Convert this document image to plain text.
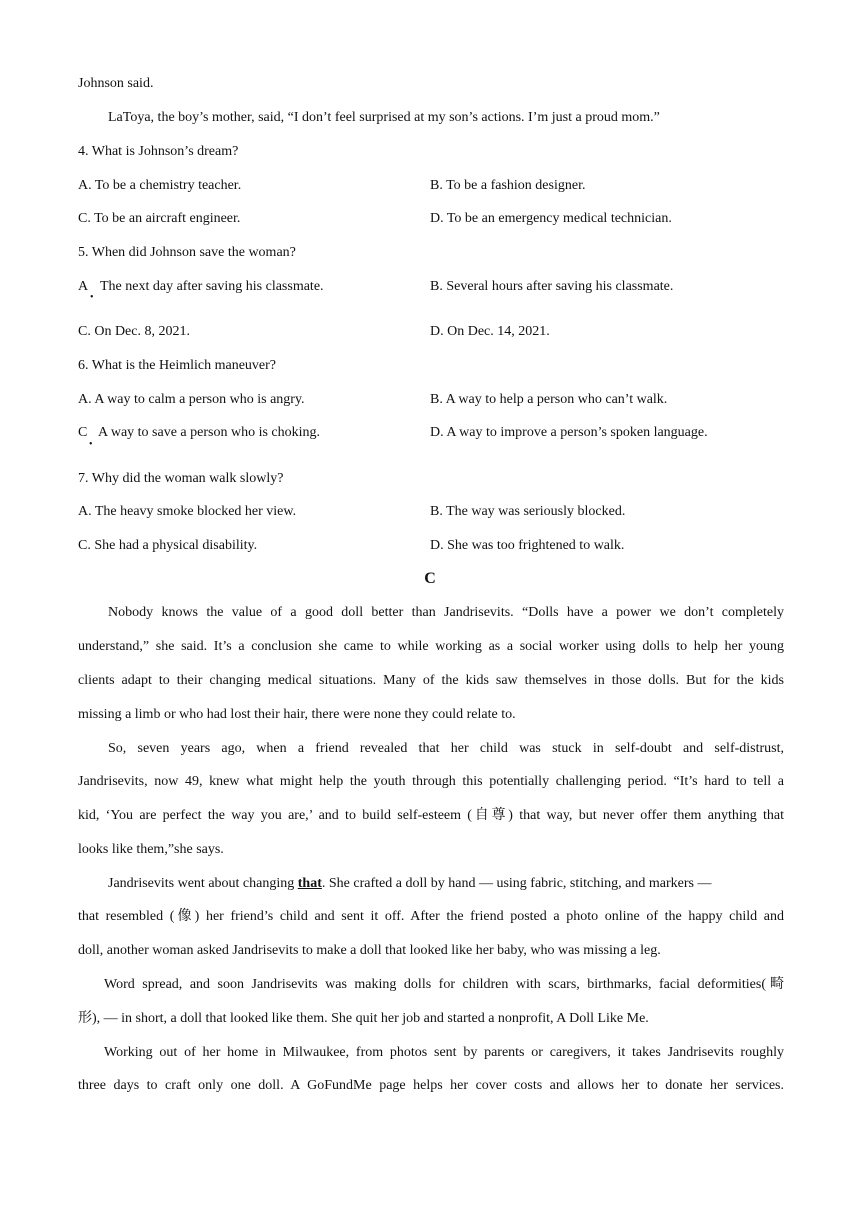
Johnson said.
LaToya, the boy’s mother, said, “I don’t feel surprised at my son’s actions. I’m just a proud mom.”
4. What is Johnson’s dream?
A. To be a chemistry teacher.	B. To be a fashion designer.
C. To be an aircraft engineer.	D. To be an emergency medical technician.
5. When did Johnson save the woman?
A
•
The next day after saving his classmate.	B. Several hours after saving his classmate.
C. On Dec. 8, 2021.	D. On Dec. 14, 2021.
6. What is the Heimlich maneuver?
A. A way to calm a person who is angry.	B. A way to help a person who can’t walk.
C
•
A way to save a person who is choking.	D. A way to improve a person’s spoken language.
7. Why did the woman walk slowly?
A. The heavy smoke blocked her view.	B. The way was seriously blocked.
C. She had a physical disability.	D. She was too frightened to walk.
C
Nobody knows the value of a good doll better than Jandrisevits. “Dolls have a power we don’t completely
understand,” she said. It’s a conclusion she came to while working as a social worker using dolls to help her young
clients adapt to their changing medical situations. Many of the kids saw themselves in those dolls. But for the kids
missing a limb or who had lost their hair, there were none they could relate to.
So, seven years ago, when a friend revealed that her child was stuck in self-doubt and self-distrust,
Jandrisevits, now 49, knew what might help the youth through this potentially challenging period. “It’s hard to tell a
kid, ‘You are perfect the way you are,’ and to build self-esteem (自尊) that way, but never offer them anything that
looks like them,”she says.
Jandrisevits went about changing that. She crafted a doll by hand — using fabric, stitching, and markers —
that resembled (像) her friend’s child and sent it off. After the friend posted a photo online of the happy child and
doll, another woman asked Jandrisevits to make a doll that looked like her baby, who was missing a leg.
Word spread, and soon Jandrisevits was making dolls for children with scars, birthmarks, facial deformities(畸
形), — in short, a doll that looked like them. She quit her job and started a nonprofit, A Doll Like Me.
Working out of her home in Milwaukee, from photos sent by parents or caregivers, it takes Jandrisevits roughly
three days to craft only one doll. A GoFundMe page helps her cover costs and allows her to donate her services.
